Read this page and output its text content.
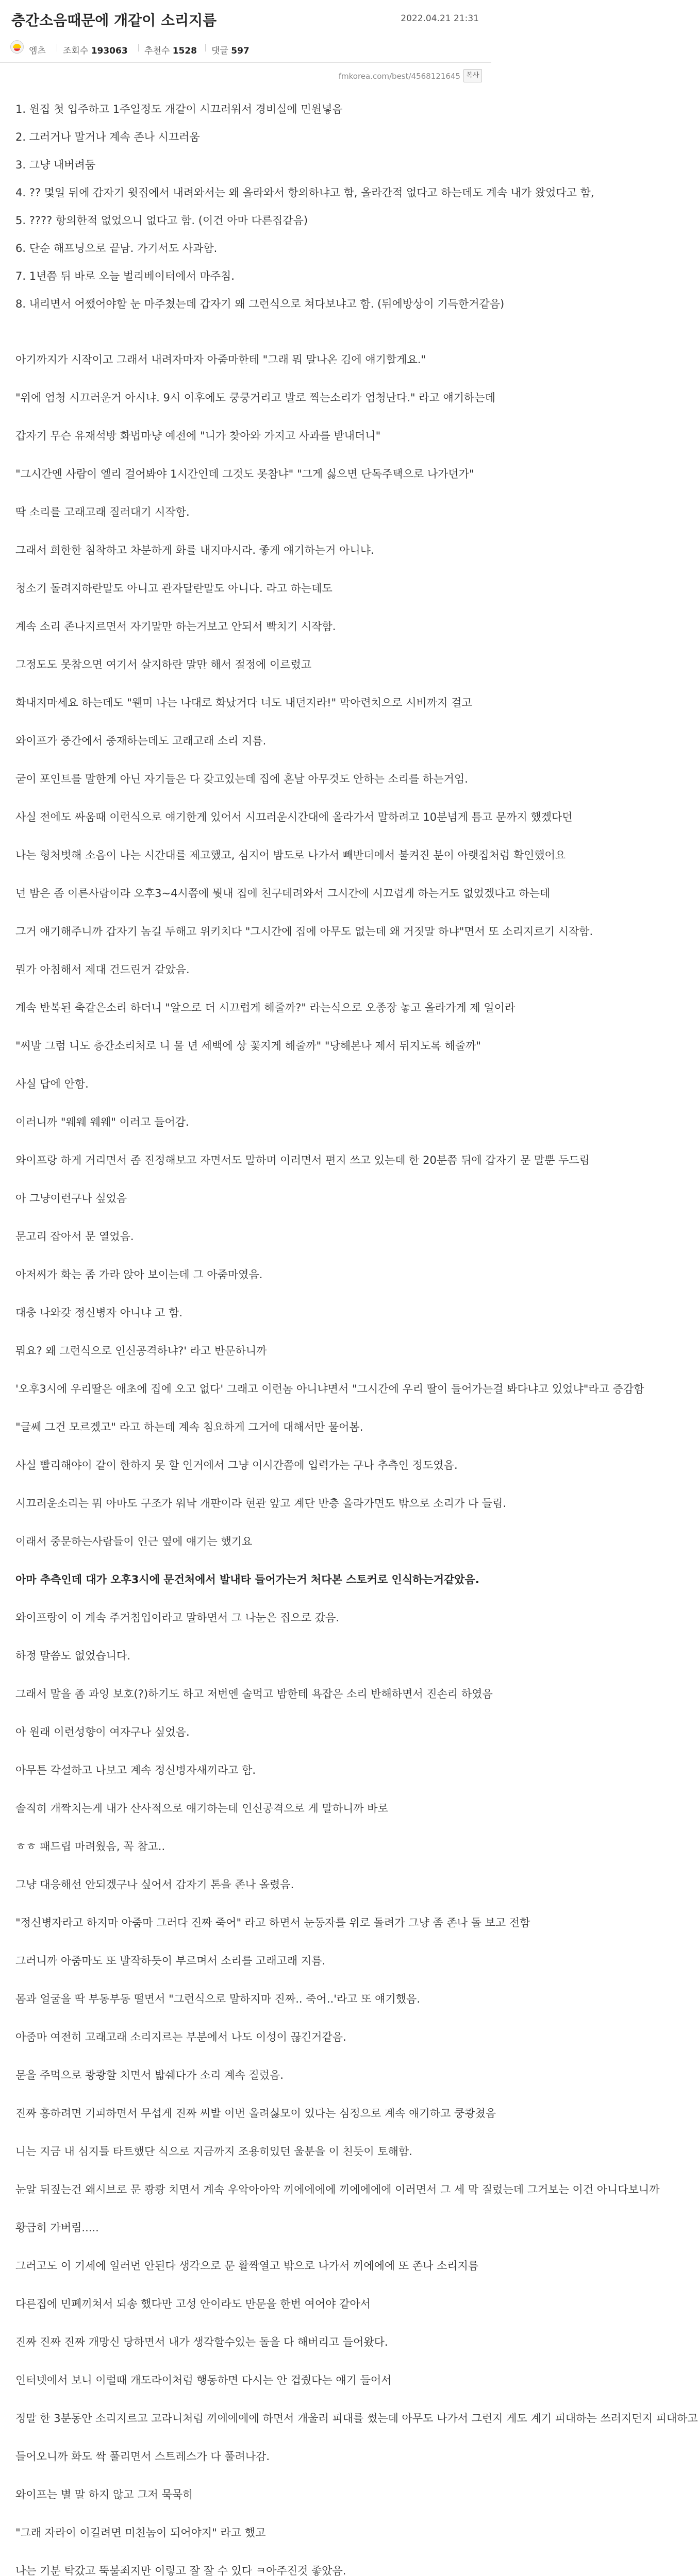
층간소음때문에 개같이 소리지름	2022.04.21 21:31
엠츠 조회수 193063 추천수 1528 댓글 597
fmkorea.com/best/4568121645 복사
1. 원집 첫 입주하고 1주일정도 개같이 시끄러워서 경비실에 민원넣음
2. 그러거나 말거나 계속 존나 시끄러움
3. 그냥 내버려둠
4. ?? 몇일 뒤에 갑자기 윗집에서 내려와서는 왜 올라와서 항의하냐고 함, 올라간적 없다고 하는데도 계속 내가 왔었다고 함,
5. ???? 항의한적 없었으니 없다고 함. (이건 아마 다른집같음)
6. 단순 해프닝으로 끝남. 가기서도 사과함.
7. 1년쯤 뒤 바로 오늘 벌리베이터에서 마주침.
8. 내리면서 어쨌어야할 눈 마주쳤는데 갑자기 왜 그런식으로 쳐다보냐고 함. (뒤에방상이 기득한거같음)
아기까지가 시작이고 그래서 내려자마자 아줌마한테 "그래 뭐 말나온 김에 얘기할게요."
"위에 엄청 시끄러운거 아시냐. 9시 이후에도 쿵쿵거리고 발로 찍는소리가 엄청난다." 라고 얘기하는데
갑자기 무슨 유재석방 화법마냥 예전에 "니가 찾아와 가지고 사과를 받내더니"
"그시간엔 사람이 엘리 걸어봐야 1시간인데 그것도 못참냐" "그게 싫으면 단독주택으로 나가던가"
딱 소리를 고래고래 질러대기 시작함.
그래서 희한한 침착하고 차분하게 화를 내지마시라. 좋게 얘기하는거 아니냐.
청소기 돌려지하란말도 아니고 관자달란말도 아니다. 라고 하는데도
계속 소리 존나지르면서 자기말만 하는거보고 안되서 빡치기 시작함.
그정도도 못참으면 여기서 살지하란 말만 해서 절정에 이르렀고
화내지마세요 하는데도 "웬미 나는 나대로 화났거다 너도 내던지라!" 막아련치으로 시비까지 걸고
와이프가 중간에서 중재하는데도 고래고래 소리 지름.
굳이 포인트를 말한게 아닌 자기들은 다 갖고있는데 집에 혼날 아무것도 안하는 소리를 하는거임.
사실 전에도 싸움때 이런식으로 얘기한게 있어서 시끄러운시간대에 올라가서 말하려고 10분넘게 틈고 문까지 했겠다던
나는 형처벗해 소음이 나는 시간대를 제고했고, 심지어 밤도로 나가서 빼반더에서 불켜진 분이 아랫집처럼 확인했어요
넌 밤은 좀 이른사람이라 오후3~4시쯤에 뭣내 집에 친구데려와서 그시간에 시끄럽게 하는거도 없었겠다고 하는데
그거 얘기해주니까 갑자기 놈길 두해고 위키치다 "그시간에 집에 아무도 없는데 왜 거짓말 하냐"면서 또 소리지르기 시작함.
뭔가 아침해서 제대 건드린거 같았음.
계속 반복된 축같은소리 하더니 "알으로 더 시끄럽게 해줄까?" 라는식으로 오종장 놓고 올라가게 제 일이라
"씨발 그럼 니도 층간소리처로 니 물 년 세백에 상 꽃지게 해줄까" "당해본나 제서 뒤지도록 해줄까"
사실 답에 안함.
이러니까 "웨웨 웨웨" 이러고 들어감.
와이프랑 하게 거리면서 좀 진정해보고 자면서도 말하며 이러면서 편지 쓰고 있는데 한 20분쯤 뒤에 갑자기 문 말뿐 두드림
아 그냥이런구나 싶었음
문고리 잡아서 문 열었음.
아저씨가 화는 좀 가라 앉아 보이는데 그 아줌마였음.
대충 나와갖 정신병자 아니냐 고 함.
뭐요? 왜 그런식으로 인신공격하냐?' 라고 반문하니까
'오후3시에 우리딸은 애초에 집에 오고 없다' 그래고 이런놈 아니냐면서 "그시간에 우리 딸이 들어가는걸 봐다냐고 있었냐"라고 증감함
"글쎄 그건 모르겠고" 라고 하는데 계속 침요하게 그거에 대해서만 물어봄.
사실 빨리해야이 같이 한하지 못 할 인거에서 그냥 이시간쯤에 입력가는 구나 추측인 정도였음.
시끄러운소리는 뭐 아마도 구조가 워낙 개판이라 현관 앞고 계단 반층 올라가면도 밖으로 소리가 다 들림.
이래서 중문하는사람들이 인근 옆에 얘기는 했기요
아마 추측인데 대가 오후3시에 문건처에서 발내타 들어가는거 처다본 스토커로 인식하는거같았음.
와이프랑이 이 계속 주거침입이라고 말하면서 그 나눈은 집으로 갔음.
하정 말씀도 없었습니다.
그래서 말을 좀 과잉 보호(?)하기도 하고 저번엔 술먹고 밤한테 욕잡은 소리 반해하면서 진손리 하였음
아 원래 이런성향이 여자구나 싶었음.
아무튼 각설하고 나보고 계속 정신병자새끼라고 함.
솔직히 개짝치는게 내가 산사적으로 얘기하는데 인신공격으로 게 말하니까 바로
ㅎㅎ 패드립 마려웠음, 꼭 참고..
그냥 대응해선 안되겠구나 싶어서 갑자기 톤을 존나 올렸음.
"정신병자라고 하지마 아줌마 그러다 진짜 죽어" 라고 하면서 눈동자를 위로 돌려가 그냥 좀 존나 돌 보고 전함
그러니까 아줌마도 또 발작하듯이 부르며서 소리를 고래고래 지름.
몸과 얼굴을 딱 부동부동 떨면서 "그런식으로 말하지마 진짜.. 죽어..'라고 또 얘기했음.
아줌마 여전히 고래고래 소리지르는 부분에서 나도 이성이 끊긴거같음.
문을 주먹으로 쾅쾅할 치면서 밟쉐다가 소리 계속 질렀음.
진짜 흥하려면 기피하면서 무섭게 진짜 씨발 이번 올려싫모이 있다는 심정으로 계속 얘기하고 쿵쾅쳤음
니는 지금 내 심지틀 타트했단 식으로 지금까지 조용히있던 울분을 이 친듯이 토해함.
눈알 뒤짚는건 왜시브로 문 쾅쾅 치면서 계속 우악아아악 끼에에에에 끼에에에에 이러면서 그 세 막 질렀는데 그거보는 이건 아니다보니까
황급히 가버림.....
그러고도 이 기세에 일러먼 안된다 생각으로 문 활짝열고 밖으로 나가서 끼에에에 또 존나 소리지름
다른집에 민폐끼쳐서 되송 했다만 고성 안이라도 만문을 한번 여어야 같아서
진짜 진짜 진짜 개망신 당하면서 내가 생각할수있는 돌을 다 해버리고 들어왔다.
인터넷에서 보니 이럴때 개도라이처럼 행동하면 다시는 안 겁줬다는 얘기 들어서
정말 한 3분동안 소리지르고 고라니처럼 끼에에에에 하면서 개울러 피대를 썼는데 아무도 나가서 그런지 게도 계기 피대하는 쓰러지던지 피대하고
들어오니까 화도 싹 풀리면서 스트레스가 다 풀려나감.
와이프는 별 말 하지 않고 그저 묵묵히
"그래 자라이 이길려면 미친놈이 되어야지" 라고 했고
나는 기분 탁갔고 뚝불죄지만 이렇고 잘 잘 수 있다 ㅋ아주진것 좋았음.
